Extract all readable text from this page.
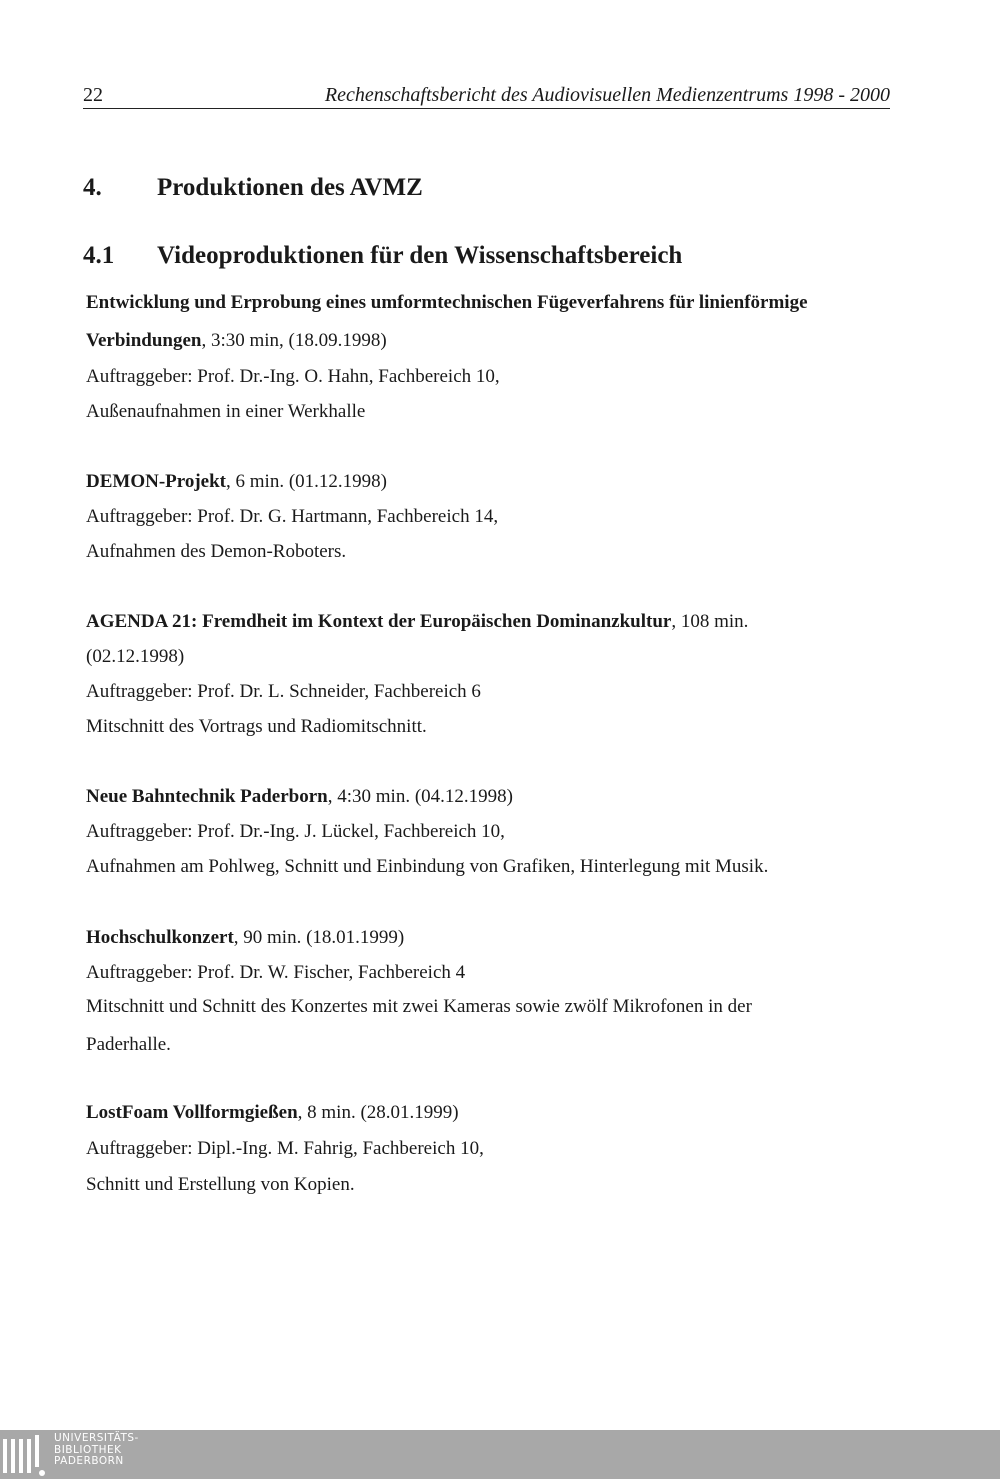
22	Rechenschaftsbericht des Audiovisuellen Medienzentrums 1998 - 2000
4. Produktionen des AVMZ
4.1 Videoproduktionen für den Wissenschaftsbereich
Entwicklung und Erprobung eines umformtechnischen Fügeverfahrens für linienförmige
Verbindungen, 3:30 min, (18.09.1998)
Auftraggeber: Prof. Dr.-Ing. O. Hahn, Fachbereich 10,
Außenaufnahmen in einer Werkhalle
DEMON-Projekt, 6 min. (01.12.1998)
Auftraggeber: Prof. Dr. G. Hartmann, Fachbereich 14,
Aufnahmen des Demon-Roboters.
AGENDA 21: Fremdheit im Kontext der Europäischen Dominanzkultur, 108 min.
(02.12.1998)
Auftraggeber: Prof. Dr. L. Schneider, Fachbereich 6
Mitschnitt des Vortrags und Radiomitschnitt.
Neue Bahntechnik Paderborn, 4:30 min. (04.12.1998)
Auftraggeber: Prof. Dr.-Ing. J. Lückel, Fachbereich 10,
Aufnahmen am Pohlweg, Schnitt und Einbindung von Grafiken, Hinterlegung mit Musik.
Hochschulkonzert, 90 min. (18.01.1999)
Auftraggeber: Prof. Dr. W. Fischer, Fachbereich 4
Mitschnitt und Schnitt des Konzertes mit zwei Kameras sowie zwölf Mikrofonen in der
Paderhalle.
LostFoam Vollformgießen, 8 min. (28.01.1999)
Auftraggeber: Dipl.-Ing. M. Fahrig, Fachbereich 10,
Schnitt und Erstellung von Kopien.
UNIVERSITÄTS-
BIBLIOTHEK
PADERBORN
